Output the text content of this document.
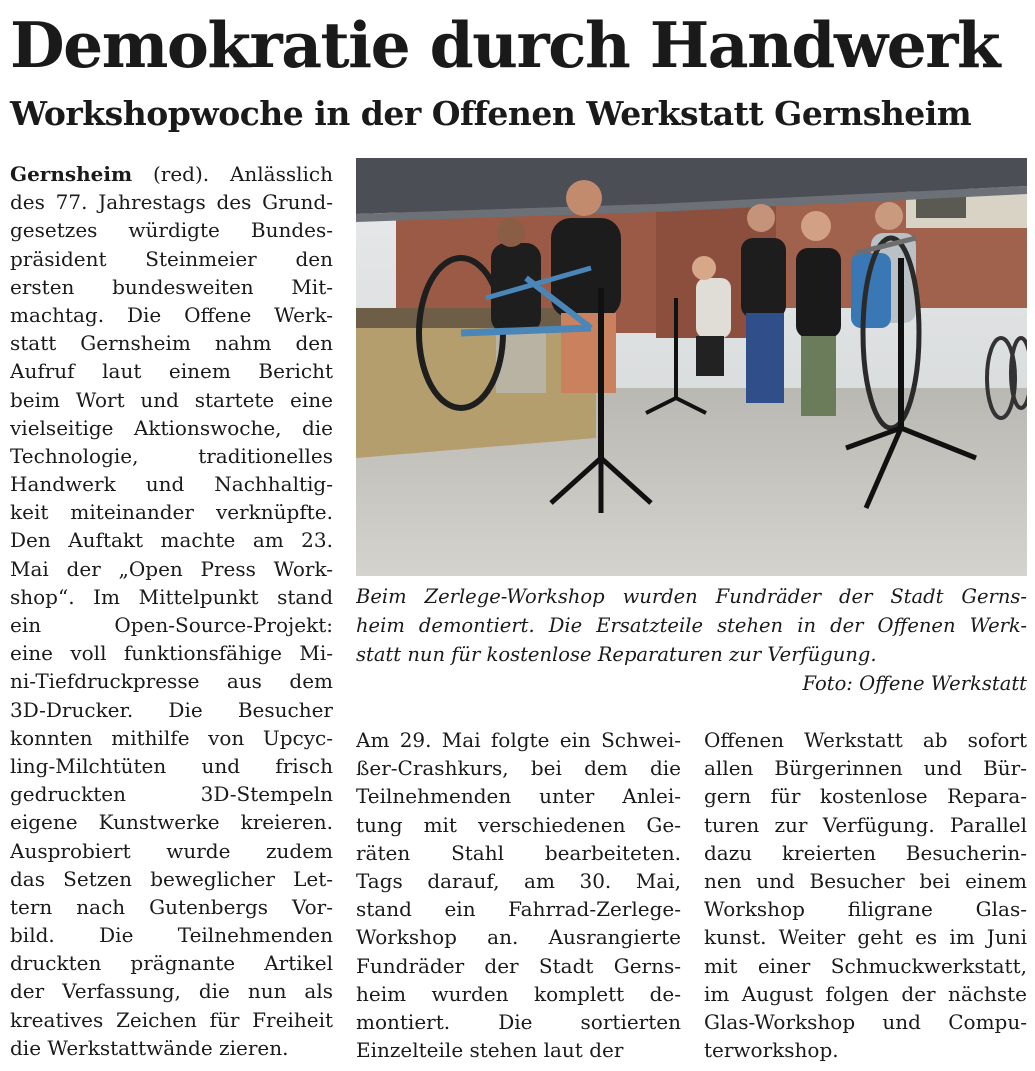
Demokratie durch Handwerk
Workshopwoche in der Offenen Werkstatt Gernsheim
Gernsheim (red). Anlässlich
des 77. Jahrestags des Grund-
gesetzes würdigte Bundes-
präsident Steinmeier den
ersten bundesweiten Mit-
machtag. Die Offene Werk-
statt Gernsheim nahm den
Aufruf laut einem Bericht
beim Wort und startete eine
vielseitige Aktionswoche, die
Technologie, traditionelles
Handwerk und Nachhaltig-
keit miteinander verknüpfte.
Den Auftakt machte am 23.
Mai der „Open Press Work-
shop“. Im Mittelpunkt stand
ein Open-Source-Projekt:
eine voll funktionsfähige Mi-
ni-Tiefdruckpresse aus dem
3D-Drucker. Die Besucher
konnten mithilfe von Upcyc-
ling-Milchtüten und frisch
gedruckten 3D-Stempeln
eigene Kunstwerke kreieren.
Ausprobiert wurde zudem
das Setzen beweglicher Let-
tern nach Gutenbergs Vor-
bild. Die Teilnehmenden
druckten prägnante Artikel
der Verfassung, die nun als
kreatives Zeichen für Freiheit
die Werkstattwände zieren.
Beim Zerlege-Workshop wurden Fundräder der Stadt Gerns-
heim demontiert. Die Ersatzteile stehen in der Offenen Werk-
statt nun für kostenlose Reparaturen zur Verfügung.
Foto: Offene Werkstatt
Am 29. Mai folgte ein Schwei-
ßer-Crashkurs, bei dem die
Teilnehmenden unter Anlei-
tung mit verschiedenen Ge-
räten Stahl bearbeiteten.
Tags darauf, am 30. Mai,
stand ein Fahrrad-Zerlege-
Workshop an. Ausrangierte
Fundräder der Stadt Gerns-
heim wurden komplett de-
montiert. Die sortierten
Einzelteile stehen laut der
Offenen Werkstatt ab sofort
allen Bürgerinnen und Bür-
gern für kostenlose Repara-
turen zur Verfügung. Parallel
dazu kreierten Besucherin-
nen und Besucher bei einem
Workshop filigrane Glas-
kunst. Weiter geht es im Juni
mit einer Schmuckwerkstatt,
im August folgen der nächste
Glas-Workshop und Compu-
terworkshop.
